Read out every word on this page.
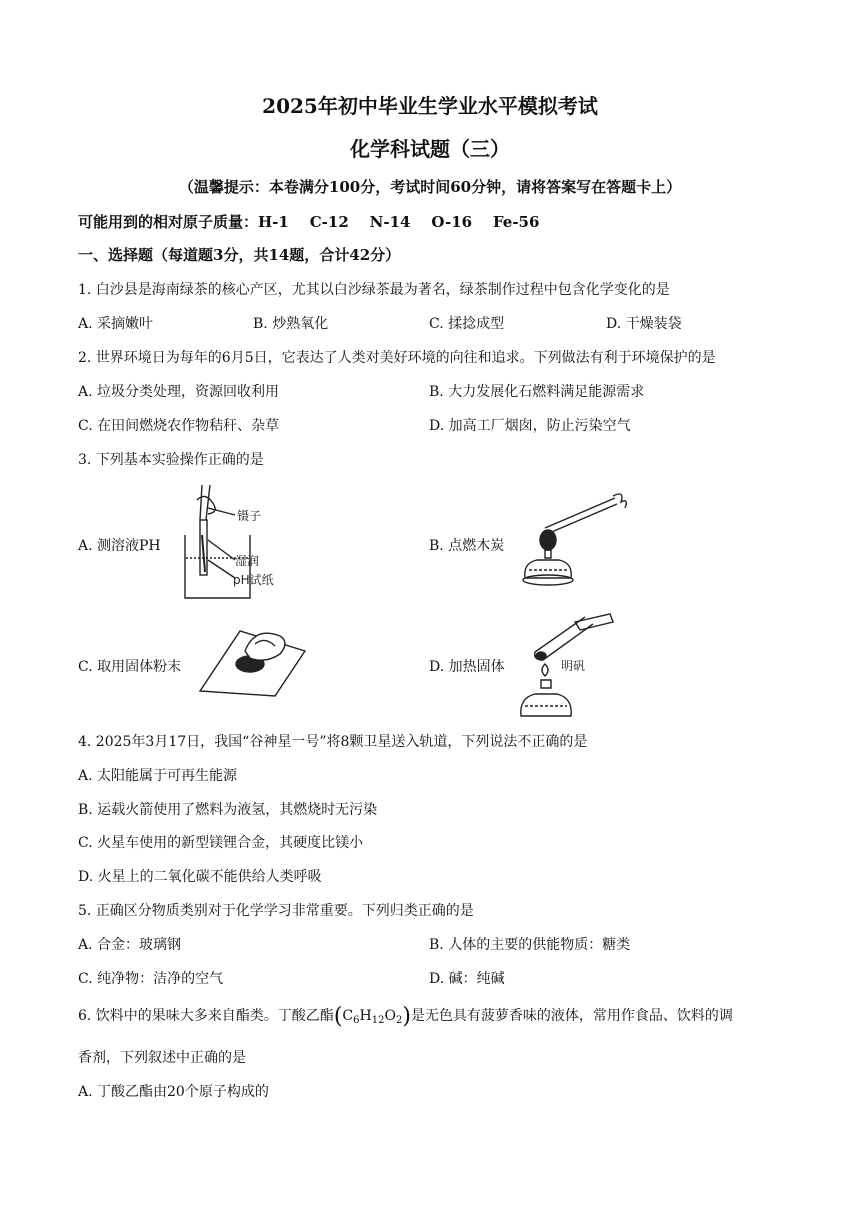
2025年初中毕业生学业水平模拟考试
化学科试题（三）
（温馨提示：本卷满分100分，考试时间60分钟，请将答案写在答题卡上）
可能用到的相对原子质量：H-1    C-12    N-14    O-16    Fe-56
一、选择题（每道题3分，共14题，合计42分）
1. 白沙县是海南绿茶的核心产区，尤其以白沙绿茶最为著名，绿茶制作过程中包含化学变化的是
A. 采摘嫩叶	B. 炒熟氧化	C. 揉捻成型	D. 干燥装袋
2. 世界环境日为每年的6月5日，它表达了人类对美好环境的向往和追求。下列做法有利于环境保护的是
A. 垃圾分类处理，资源回收利用	B. 大力发展化石燃料满足能源需求
C. 在田间燃烧农作物秸秆、杂草	D. 加高工厂烟囱，防止污染空气
3. 下列基本实验操作正确的是
A. 测溶液PH	B. 点燃木炭
C. 取用固体粉末	D. 加热固体
镊子
湿润
pH试纸
明矾
4. 2025年3月17日，我国“谷神星一号”将8颗卫星送入轨道，下列说法不正确的是
A. 太阳能属于可再生能源
B. 运载火箭使用了燃料为液氢，其燃烧时无污染
C. 火星车使用的新型镁锂合金，其硬度比镁小
D. 火星上的二氧化碳不能供给人类呼吸
5. 正确区分物质类别对于化学学习非常重要。下列归类正确的是
A. 合金：玻璃钢	B. 人体的主要的供能物质：糖类
C. 纯净物：洁净的空气	D. 碱：纯碱
6. 饮料中的果味大多来自酯类。丁酸乙酯$(C_6H_{12}O_2)$是无色具有菠萝香味的液体，常用作食品、饮料的调
香剂，下列叙述中正确的是
A. 丁酸乙酯由20个原子构成的
